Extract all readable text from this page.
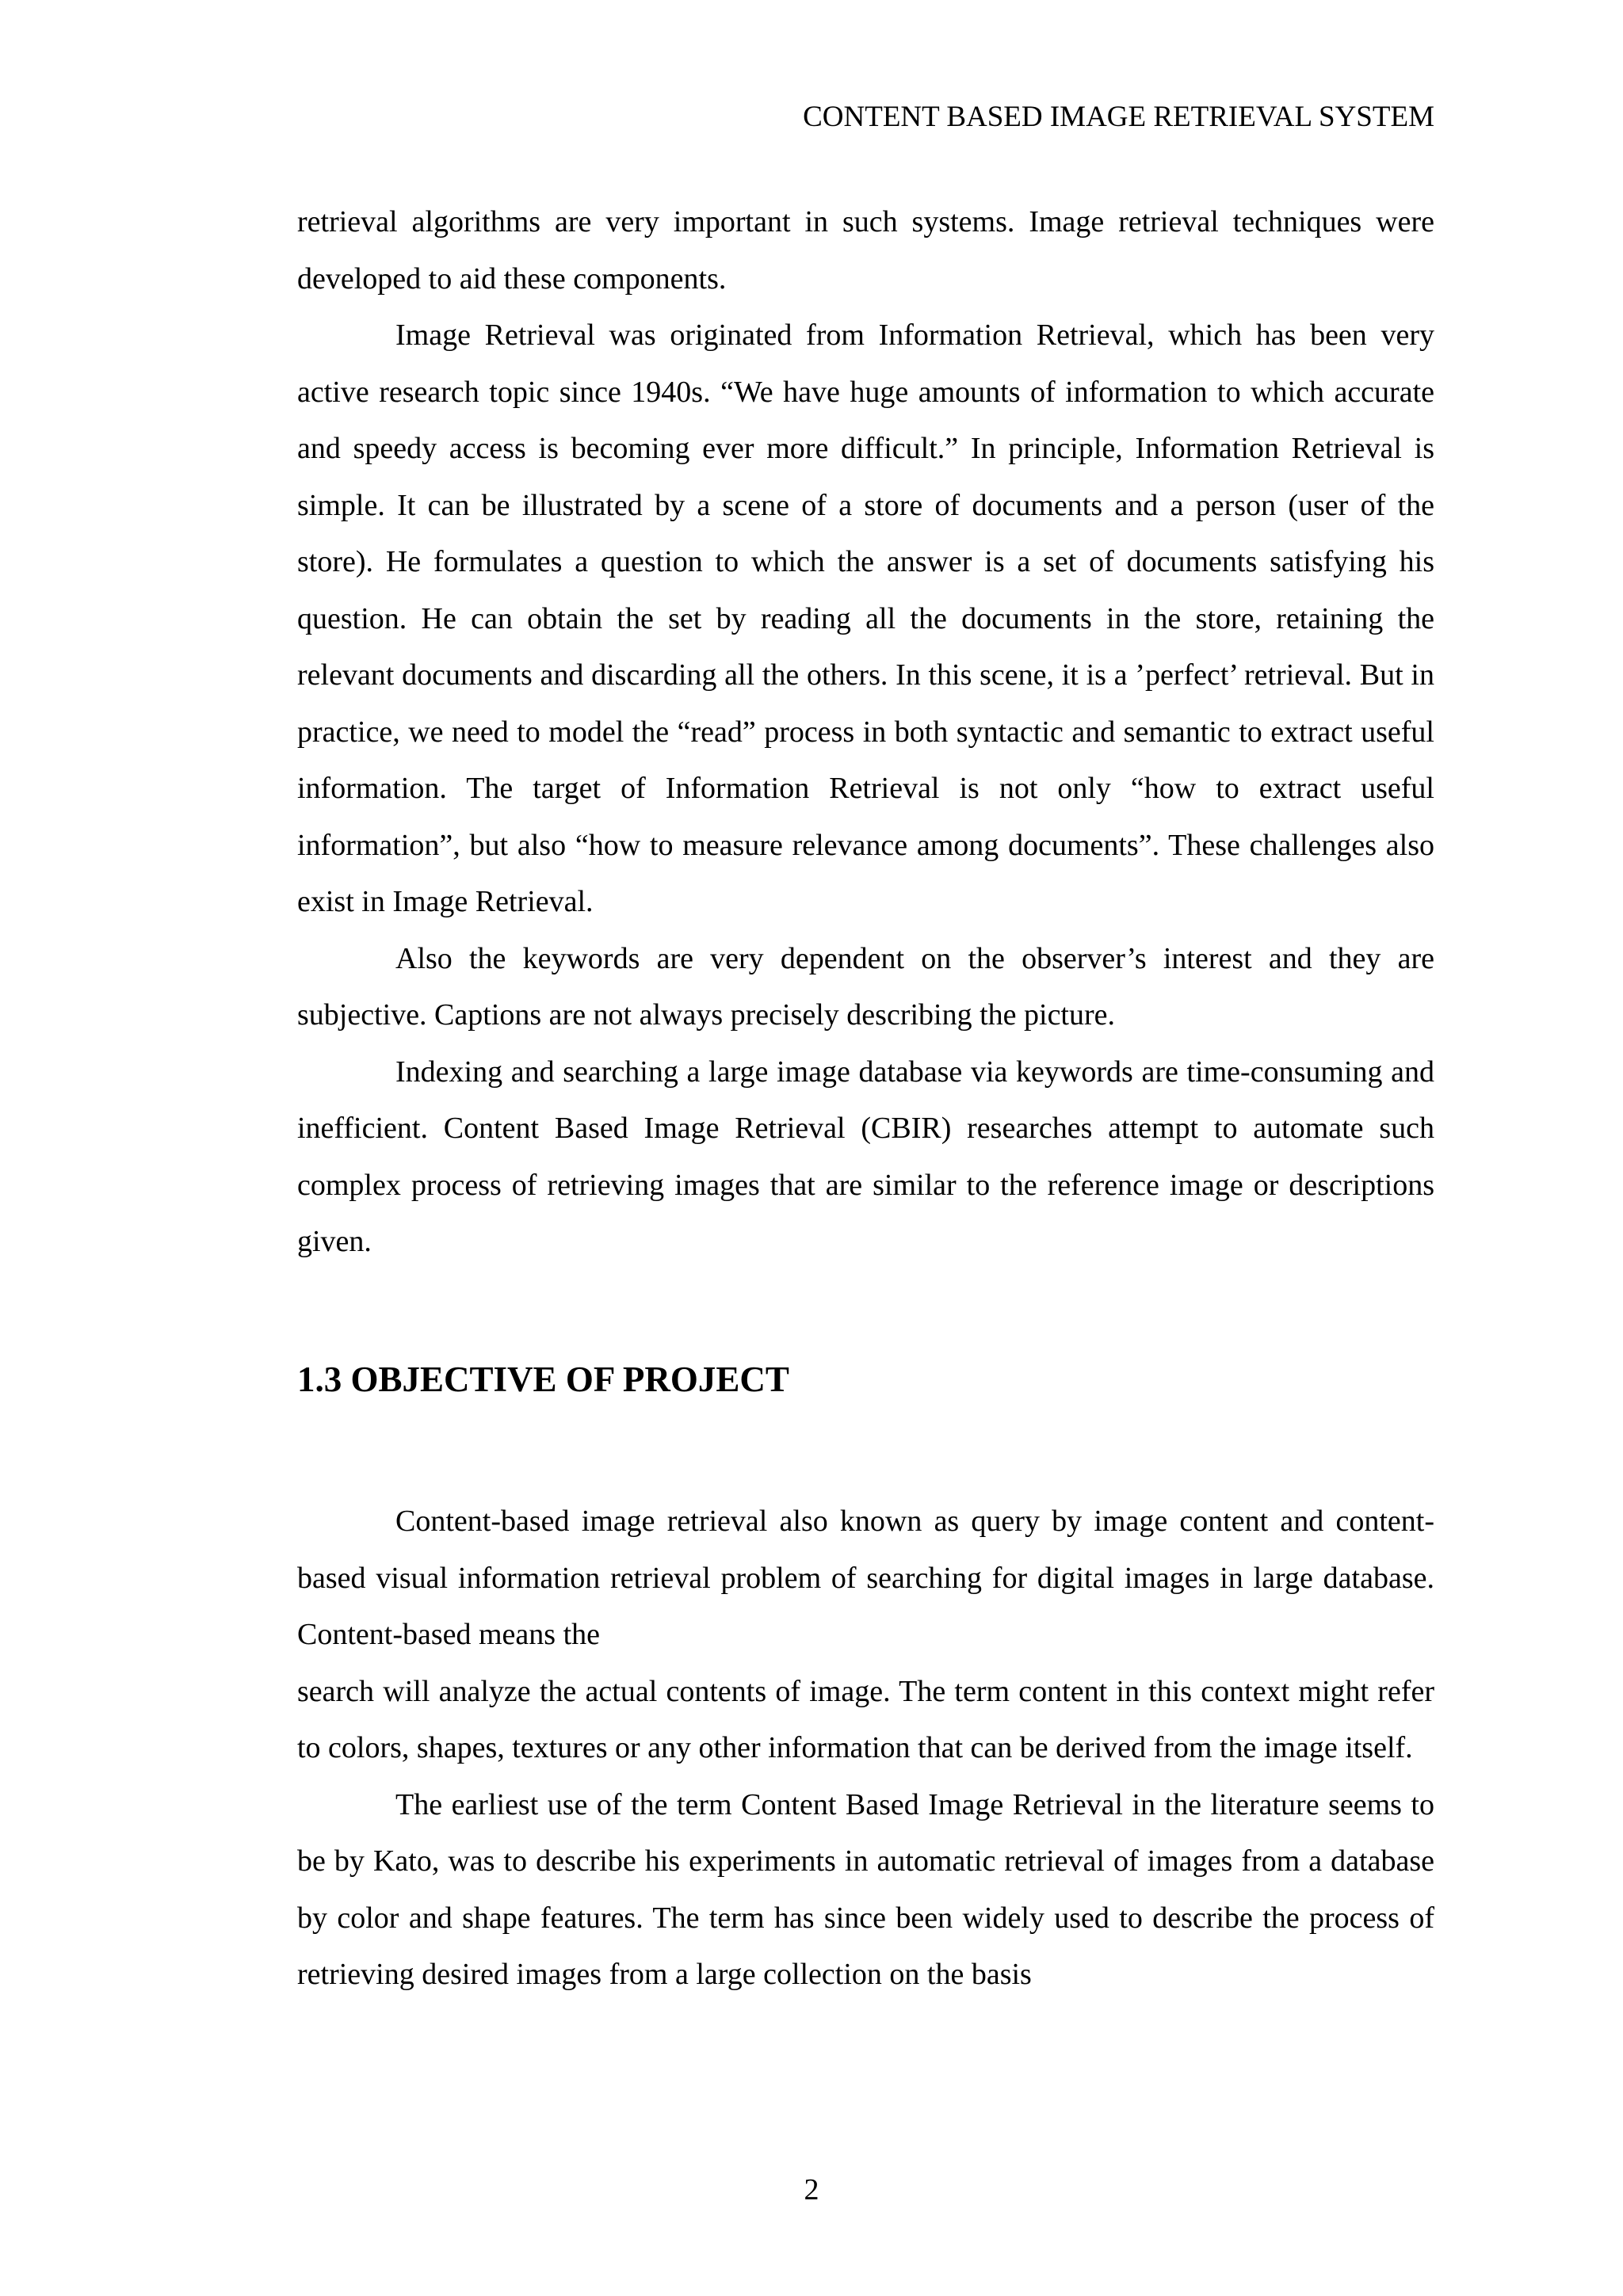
CONTENT BASED IMAGE RETRIEVAL SYSTEM

retrieval algorithms are very important in such systems. Image retrieval techniques were developed to aid these components.

Image Retrieval was originated from Information Retrieval, which has been very active research topic since 1940s. “We have huge amounts of information to which accurate and speedy access is becoming ever more difficult.” In principle, Information Retrieval is simple. It can be illustrated by a scene of a store of documents and a person (user of the store). He formulates a question to which the answer is a set of documents satisfying his question. He can obtain the set by reading all the documents in the store, retaining the relevant documents and discarding all the others. In this scene, it is a ’perfect’ retrieval. But in practice, we need to model the “read” process in both syntactic and semantic to extract useful information. The target of Information Retrieval is not only “how to extract useful information”, but also “how to measure relevance among documents”. These challenges also exist in Image Retrieval.

Also the keywords are very dependent on the observer’s interest and they are subjective. Captions are not always precisely describing the picture.

Indexing and searching a large image database via keywords are time-consuming and inefficient. Content Based Image Retrieval (CBIR) researches attempt to automate such complex process of retrieving images that are similar to the reference image or descriptions given.

1.3 OBJECTIVE OF PROJECT

Content-based image retrieval also known as query by image content and content-based visual information retrieval problem of searching for digital images in large database. Content-based means the

search will analyze the actual contents of image. The term content in this context might refer to colors, shapes, textures or any other information that can be derived from the image itself.

The earliest use of the term Content Based Image Retrieval in the literature seems to be by Kato, was to describe his experiments in automatic retrieval of images from a database by color and shape features. The term has since been widely used to describe the process of retrieving desired images from a large collection on the basis

2
